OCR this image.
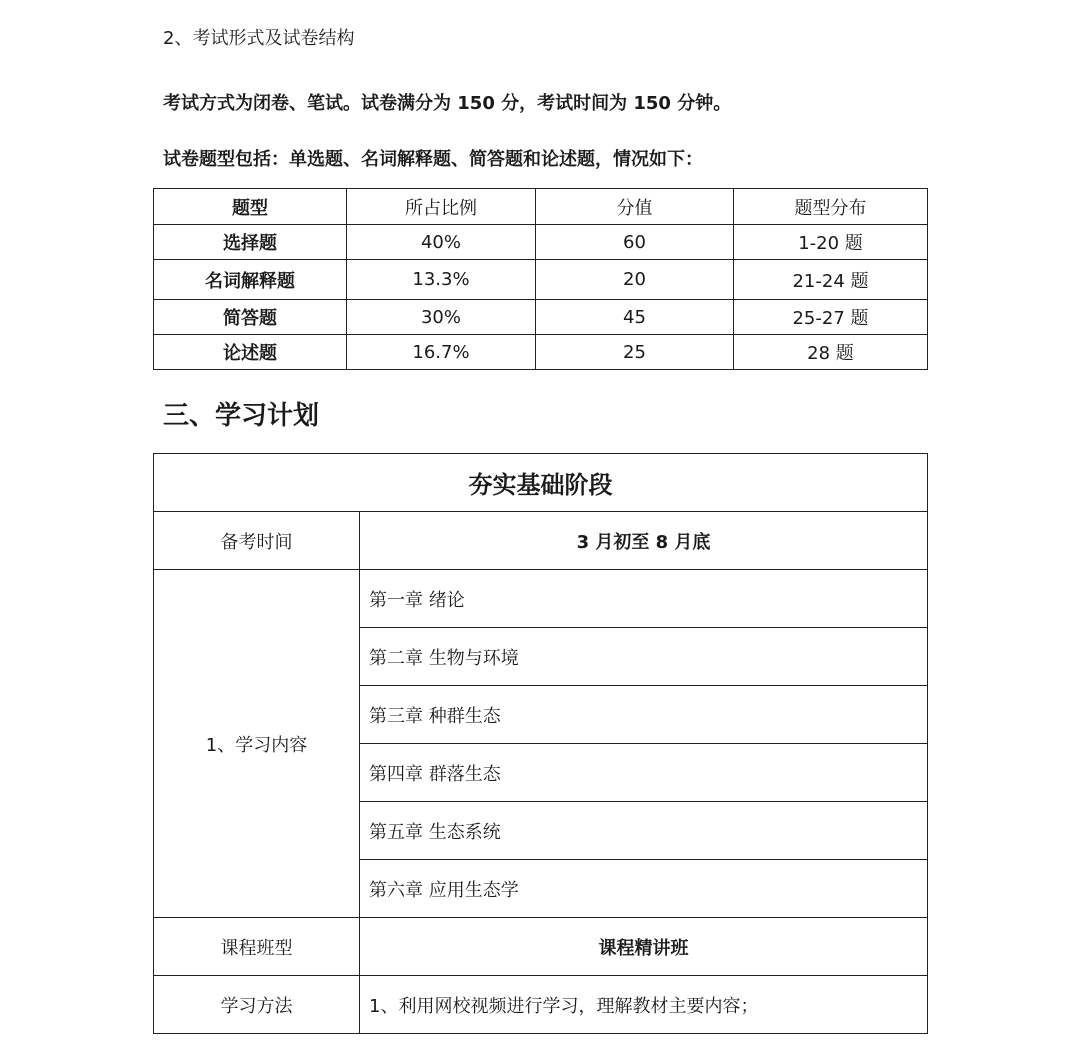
2、考试形式及试卷结构
考试方式为闭卷、笔试。试卷满分为 150 分，考试时间为 150 分钟。
试卷题型包括：单选题、名词解释题、简答题和论述题，情况如下：
题型	所占比例	分值	题型分布
选择题	40%	60	1-20 题
名词解释题	13.3%	20	21-24 题
简答题	30%	45	25-27 题
论述题	16.7%	25	28 题
三、学习计划
夯实基础阶段	
备考时间	3 月初至 8 月底
1、学习内容	第一章 绪论
	第二章 生物与环境
	第三章 种群生态
	第四章 群落生态
	第五章 生态系统
	第六章 应用生态学
课程班型	课程精讲班
学习方法	1、利用网校视频进行学习，理解教材主要内容；
